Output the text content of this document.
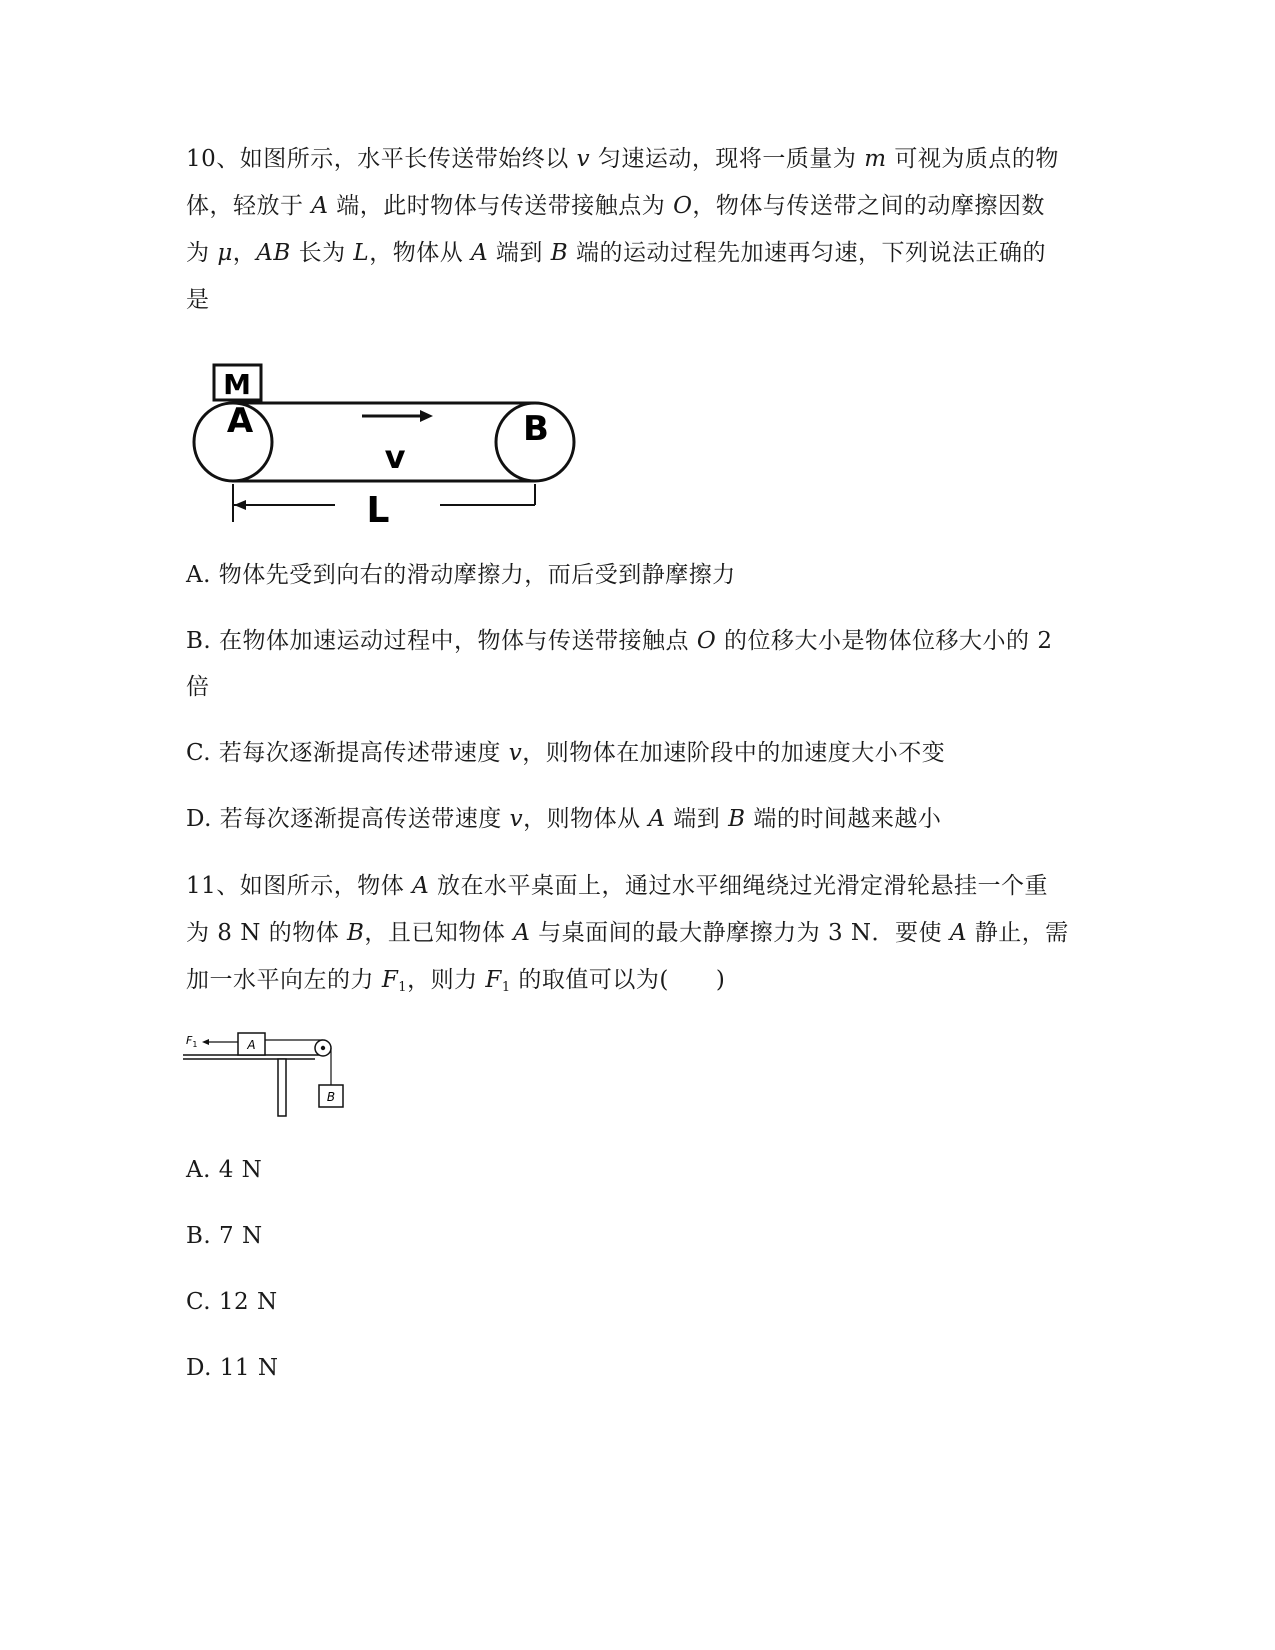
10、如图所示，水平长传送带始终以 v 匀速运动，现将一质量为 m 可视为质点的物
体，轻放于 A 端，此时物体与传送带接触点为 O，物体与传送带之间的动摩擦因数
为 μ，AB 长为 L，物体从 A 端到 B 端的运动过程先加速再匀速，下列说法正确的
是
M
A	B
v
L
A. 物体先受到向右的滑动摩擦力，而后受到静摩擦力
B. 在物体加速运动过程中，物体与传送带接触点 O 的位移大小是物体位移大小的 2
倍
C. 若每次逐渐提高传述带速度 v，则物体在加速阶段中的加速度大小不变
D. 若每次逐渐提高传送带速度 v，则物体从 A 端到 B 端的时间越来越小
11、如图所示，物体 A 放在水平桌面上，通过水平细绳绕过光滑定滑轮悬挂一个重
为 8 N 的物体 B，且已知物体 A 与桌面间的最大静摩擦力为 3 N．要使 A 静止，需
加一水平向左的力 $F_1$，则力 $F_1$ 的取值可以为(　　)
A
B
$F_1$
A. 4 N
B. 7 N
C. 12 N
D. 11 N
